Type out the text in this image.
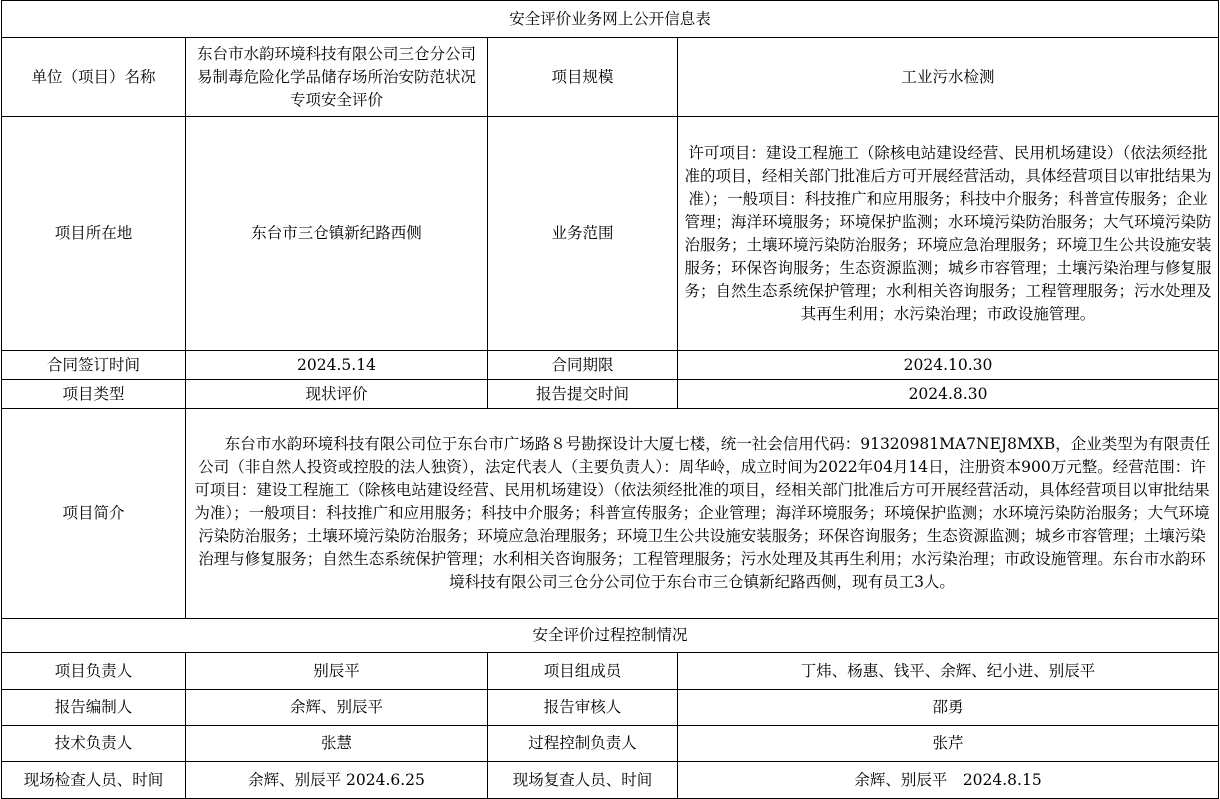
安全评价业务网上公开信息表			
单位（项目）名称	东台市水韵环境科技有限公司三仓分公司易制毒危险化学品储存场所治安防范状况专项安全评价	项目规模	工业污水检测
项目所在地	东台市三仓镇新纪路西侧	业务范围	许可项目：建设工程施工（除核电站建设经营、民用机场建设）（依法须经批准的项目，经相关部门批准后方可开展经营活动，具体经营项目以审批结果为准）；一般项目：科技推广和应用服务；科技中介服务；科普宣传服务；企业管理；海洋环境服务；环境保护监测；水环境污染防治服务；大气环境污染防治服务；土壤环境污染防治服务；环境应急治理服务；环境卫生公共设施安装服务；环保咨询服务；生态资源监测；城乡市容管理；土壤污染治理与修复服务；自然生态系统保护管理；水利相关咨询服务；工程管理服务；污水处理及其再生利用；水污染治理；市政设施管理。
合同签订时间	2024.5.14	合同期限	2024.10.30
项目类型	现状评价	报告提交时间	2024.8.30
项目简介	东台市水韵环境科技有限公司位于东台市广场路８号勘探设计大厦七楼，统一社会信用代码：91320981MA7NEJ8MXB，企业类型为有限责任公司（非自然人投资或控股的法人独资），法定代表人（主要负责人）：周华岭，成立时间为2022年04月14日，注册资本900万元整。经营范围：许可项目：建设工程施工（除核电站建设经营、民用机场建设）（依法须经批准的项目，经相关部门批准后方可开展经营活动，具体经营项目以审批结果为准）；一般项目：科技推广和应用服务；科技中介服务；科普宣传服务；企业管理；海洋环境服务；环境保护监测；水环境污染防治服务；大气环境污染防治服务；土壤环境污染防治服务；环境应急治理服务；环境卫生公共设施安装服务；环保咨询服务；生态资源监测；城乡市容管理；土壤污染治理与修复服务；自然生态系统保护管理；水利相关咨询服务；工程管理服务；污水处理及其再生利用；水污染治理；市政设施管理。东台市水韵环境科技有限公司三仓分公司位于东台市三仓镇新纪路西侧，现有员工3人。		
安全评价过程控制情况			
项目负责人	别辰平	项目组成员	丁炜、杨惠、钱平、余辉、纪小进、别辰平
报告编制人	余辉、别辰平	报告审核人	邵勇
技术负责人	张慧	过程控制负责人	张芹
现场检查人员、时间	余辉、别辰平 2024.6.25	现场复查人员、时间	余辉、别辰平　2024.8.15
